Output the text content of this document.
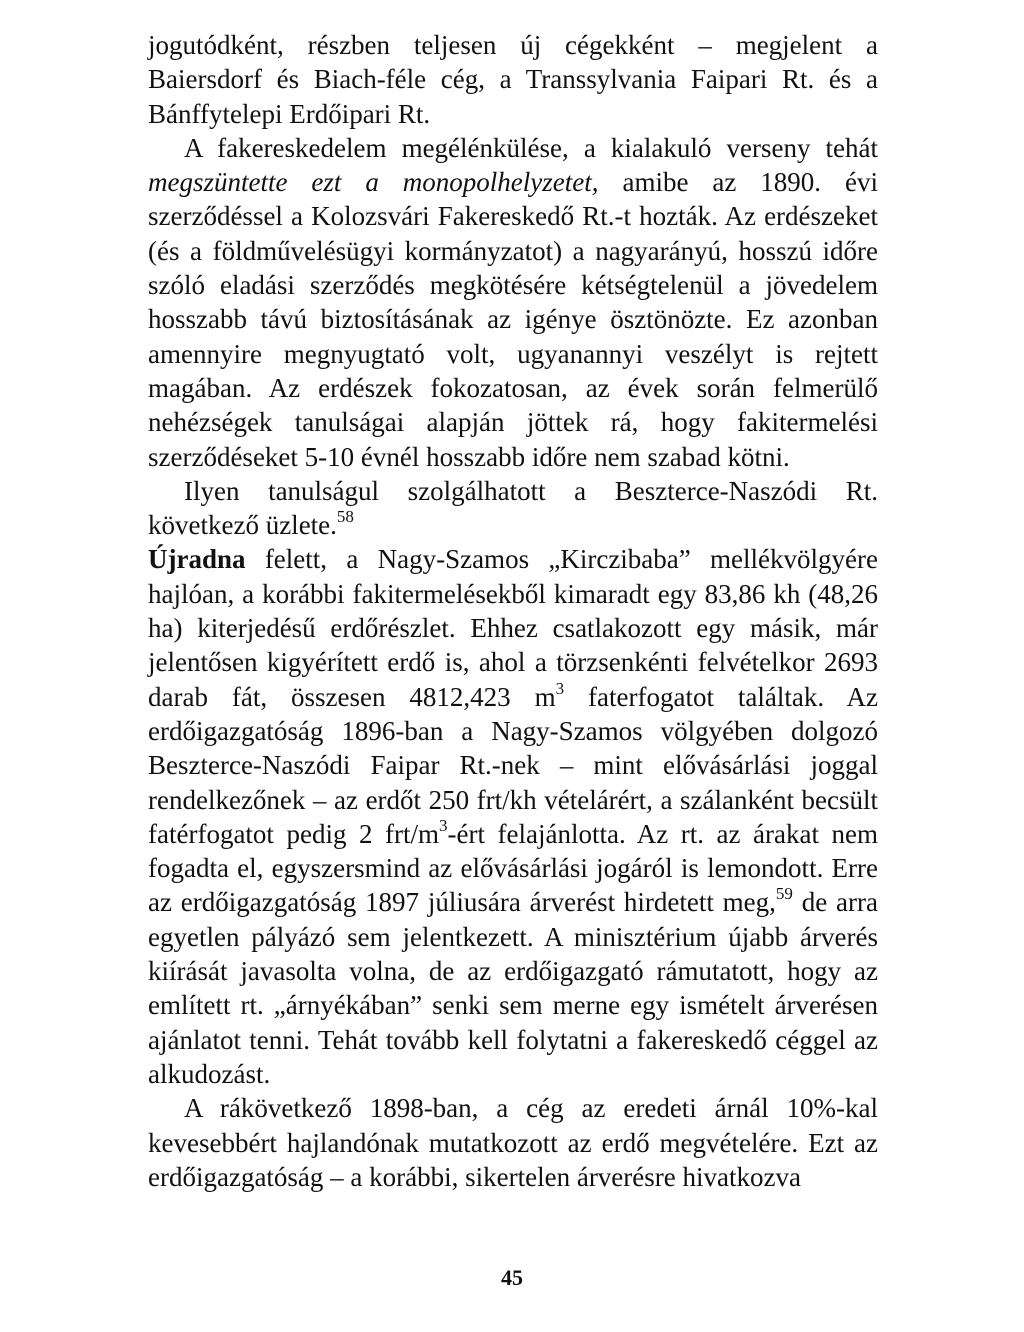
jogutódként, részben teljesen új cégekként – megjelent a Baiersdorf és Biach-féle cég, a Transsylvania Faipari Rt. és a Bánffytelepi Erdőipari Rt.

A fakereskedelem megélénkülése, a kialakuló verseny tehát megszüntette ezt a monopolhelyzetet, amibe az 1890. évi szerződéssel a Kolozsvári Fakereskedő Rt.-t hozták. Az erdészeket (és a földművelésügyi kormányzatot) a nagyarányú, hosszú időre szóló eladási szerződés megkötésére kétségtelenül a jövedelem hosszabb távú biztosításának az igénye ösztönözte. Ez azonban amennyire megnyugtató volt, ugyanannyi veszélyt is rejtett magában. Az erdészek fokozatosan, az évek során felmerülő nehézségek tanulságai alapján jöttek rá, hogy fakitermelési szerződéseket 5-10 évnél hosszabb időre nem szabad kötni.

Ilyen tanulságul szolgálhatott a Beszterce-Naszódi Rt. következő üzlete.$^{58}$

Újradna felett, a Nagy-Szamos „Kirczibaba” mellékvölgyére hajlóan, a korábbi fakitermelésekből kimaradt egy 83,86 kh (48,26 ha) kiterjedésű erdőrészlet. Ehhez csatlakozott egy másik, már jelentősen kigyérített erdő is, ahol a törzsenkénti felvételkor 2693 darab fát, összesen 4812,423 $m^3$ faterfogatot találtak. Az erdőigazgatóság 1896-ban a Nagy-Szamos völgyében dolgozó Beszterce-Naszódi Faipar Rt.-nek – mint elővásárlási joggal rendelkezőnek – az erdőt 250 frt/kh vételárért, a szálanként becsült fatérfogatot pedig 2 frt/$m^3$-ért felajánlotta. Az rt. az árakat nem fogadta el, egyszersmind az elővásárlási jogáról is lemondott. Erre az erdőigazgatóság 1897 júliusára árverést hirdetett meg,$^{59}$ de arra egyetlen pályázó sem jelentkezett. A minisztérium újabb árverés kiírását javasolta volna, de az erdőigazgató rámutatott, hogy az említett rt. „árnyékában” senki sem merne egy ismételt árverésen ajánlatot tenni. Tehát tovább kell folytatni a fakereskedő céggel az alkudozást.

A rákövetkező 1898-ban, a cég az eredeti árnál 10%-kal kevesebbért hajlandónak mutatkozott az erdő megvételére. Ezt az erdőigazgatóság – a korábbi, sikertelen árverésre hivatkozva

45
